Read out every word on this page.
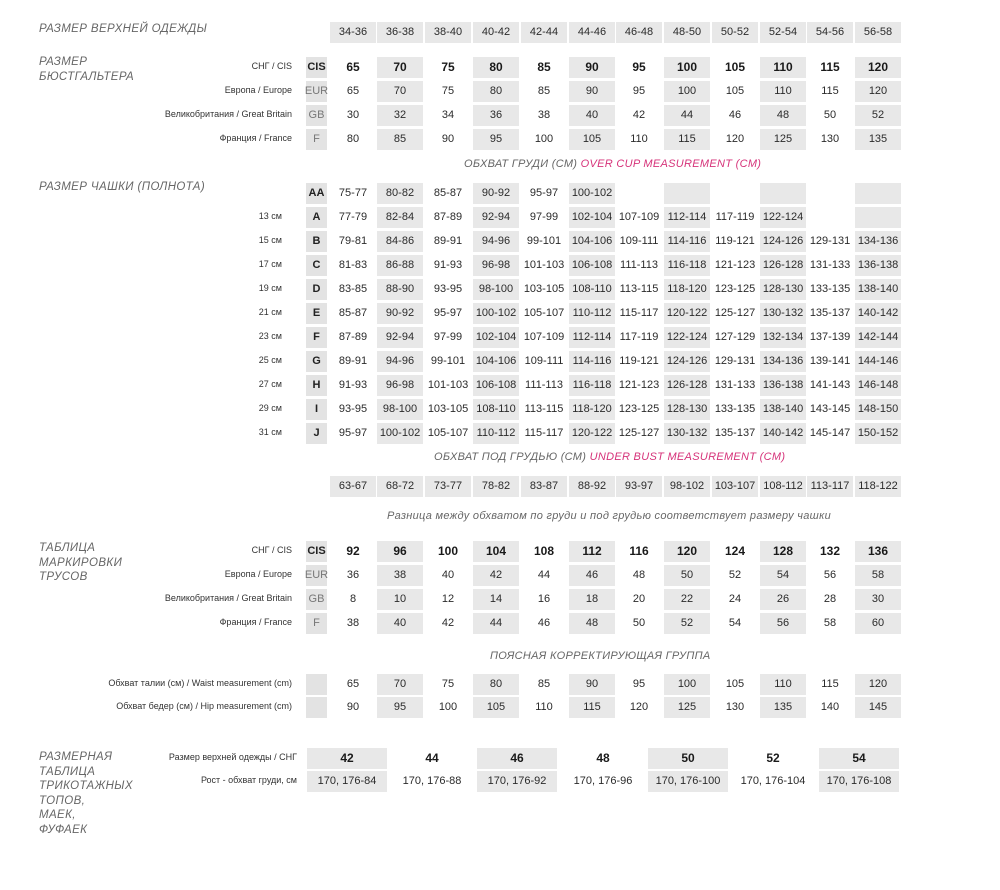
РАЗМЕР ВЕРХНЕЙ ОДЕЖДЫ
РАЗМЕР
БЮСТГАЛЬТЕРА
РАЗМЕР ЧАШКИ (ПОЛНОТА)
ТАБЛИЦА
МАРКИРОВКИ
ТРУСОВ
РАЗМЕРНАЯ
ТАБЛИЦА
ТРИКОТАЖНЫХ
ТОПОВ,
МАЕК,
ФУФАЕК
ОБХВАТ ГРУДИ (СМ) OVER CUP MEASUREMENT (CM)
ОБХВАТ ПОД ГРУДЬЮ (СМ) UNDER BUST MEASUREMENT (CM)
Разница между обхватом по груди и под грудью соответствует размеру чашки
ПОЯСНАЯ КОРРЕКТИРУЮЩАЯ ГРУППА
34-36	36-38	38-40	40-42	42-44	44-46	46-48	48-50	50-52	52-54	54-56	56-58
СНГ / CIS CIS	65	70	75	80	85	90	95	100	105	110	115	120
Европа / Europe EUR	65	70	75	80	85	90	95	100	105	110	115	120
Великобритания / Great Britain GB	30	32	34	36	38	40	42	44	46	48	50	52
Франция / France	F	80	85	90	95	100	105	110	115	120	125	130	135
AA	75-77	80-82	85-87	90-92	95-97	100-102
13 см	A	77-79	82-84	87-89	92-94	97-99	102-104 107-109 112-114 117-119 122-124
15 см	B	79-81	84-86	89-91	94-96	99-101 104-106 109-111 114-116 119-121 124-126 129-131 134-136
17 см	C	81-83	86-88	91-93	96-98	101-103 106-108 111-113 116-118 121-123 126-128 131-133 136-138
19 см	D	83-85	88-90	93-95	98-100 103-105 108-110 113-115 118-120 123-125 128-130 133-135 138-140
21 см	E	85-87	90-92	95-97	100-102 105-107 110-112 115-117 120-122 125-127 130-132 135-137 140-142
23 см	F	87-89	92-94	97-99	102-104 107-109 112-114 117-119 122-124 127-129 132-134 137-139 142-144
25 см	G	89-91	94-96	99-101 104-106 109-111 114-116 119-121 124-126 129-131 134-136 139-141 144-146
27 см	H	91-93	96-98	101-103 106-108 111-113 116-118 121-123 126-128 131-133 136-138 141-143 146-148
29 см	I	93-95	98-100 103-105 108-110 113-115 118-120 123-125 128-130 133-135 138-140 143-145 148-150
31 см	J	95-97	100-102 105-107 110-112 115-117 120-122 125-127 130-132 135-137 140-142 145-147 150-152
63-67	68-72	73-77	78-82	83-87	88-92	93-97	98-102 103-107 108-112 113-117 118-122
СНГ / CIS CIS	92	96	100	104	108	112	116	120	124	128	132	136
Европа / Europe EUR	36	38	40	42	44	46	48	50	52	54	56	58
Великобритания / Great Britain GB	8	10	12	14	16	18	20	22	24	26	28	30
Франция / France	F	38	40	42	44	46	48	50	52	54	56	58	60
Обхват талии (см) / Waist measurement (cm)	65	70	75	80	85	90	95	100	105	110	115	120
Обхват бедер (см) / Hip measurement (cm)	90	95	100	105	110	115	120	125	130	135	140	145
Размер верхней одежды / СНГ	42	44	46	48	50	52	54
Рост - обхват груди, см	170, 176-84	170, 176-88	170, 176-92	170, 176-96	170, 176-100	170, 176-104	170, 176-108
